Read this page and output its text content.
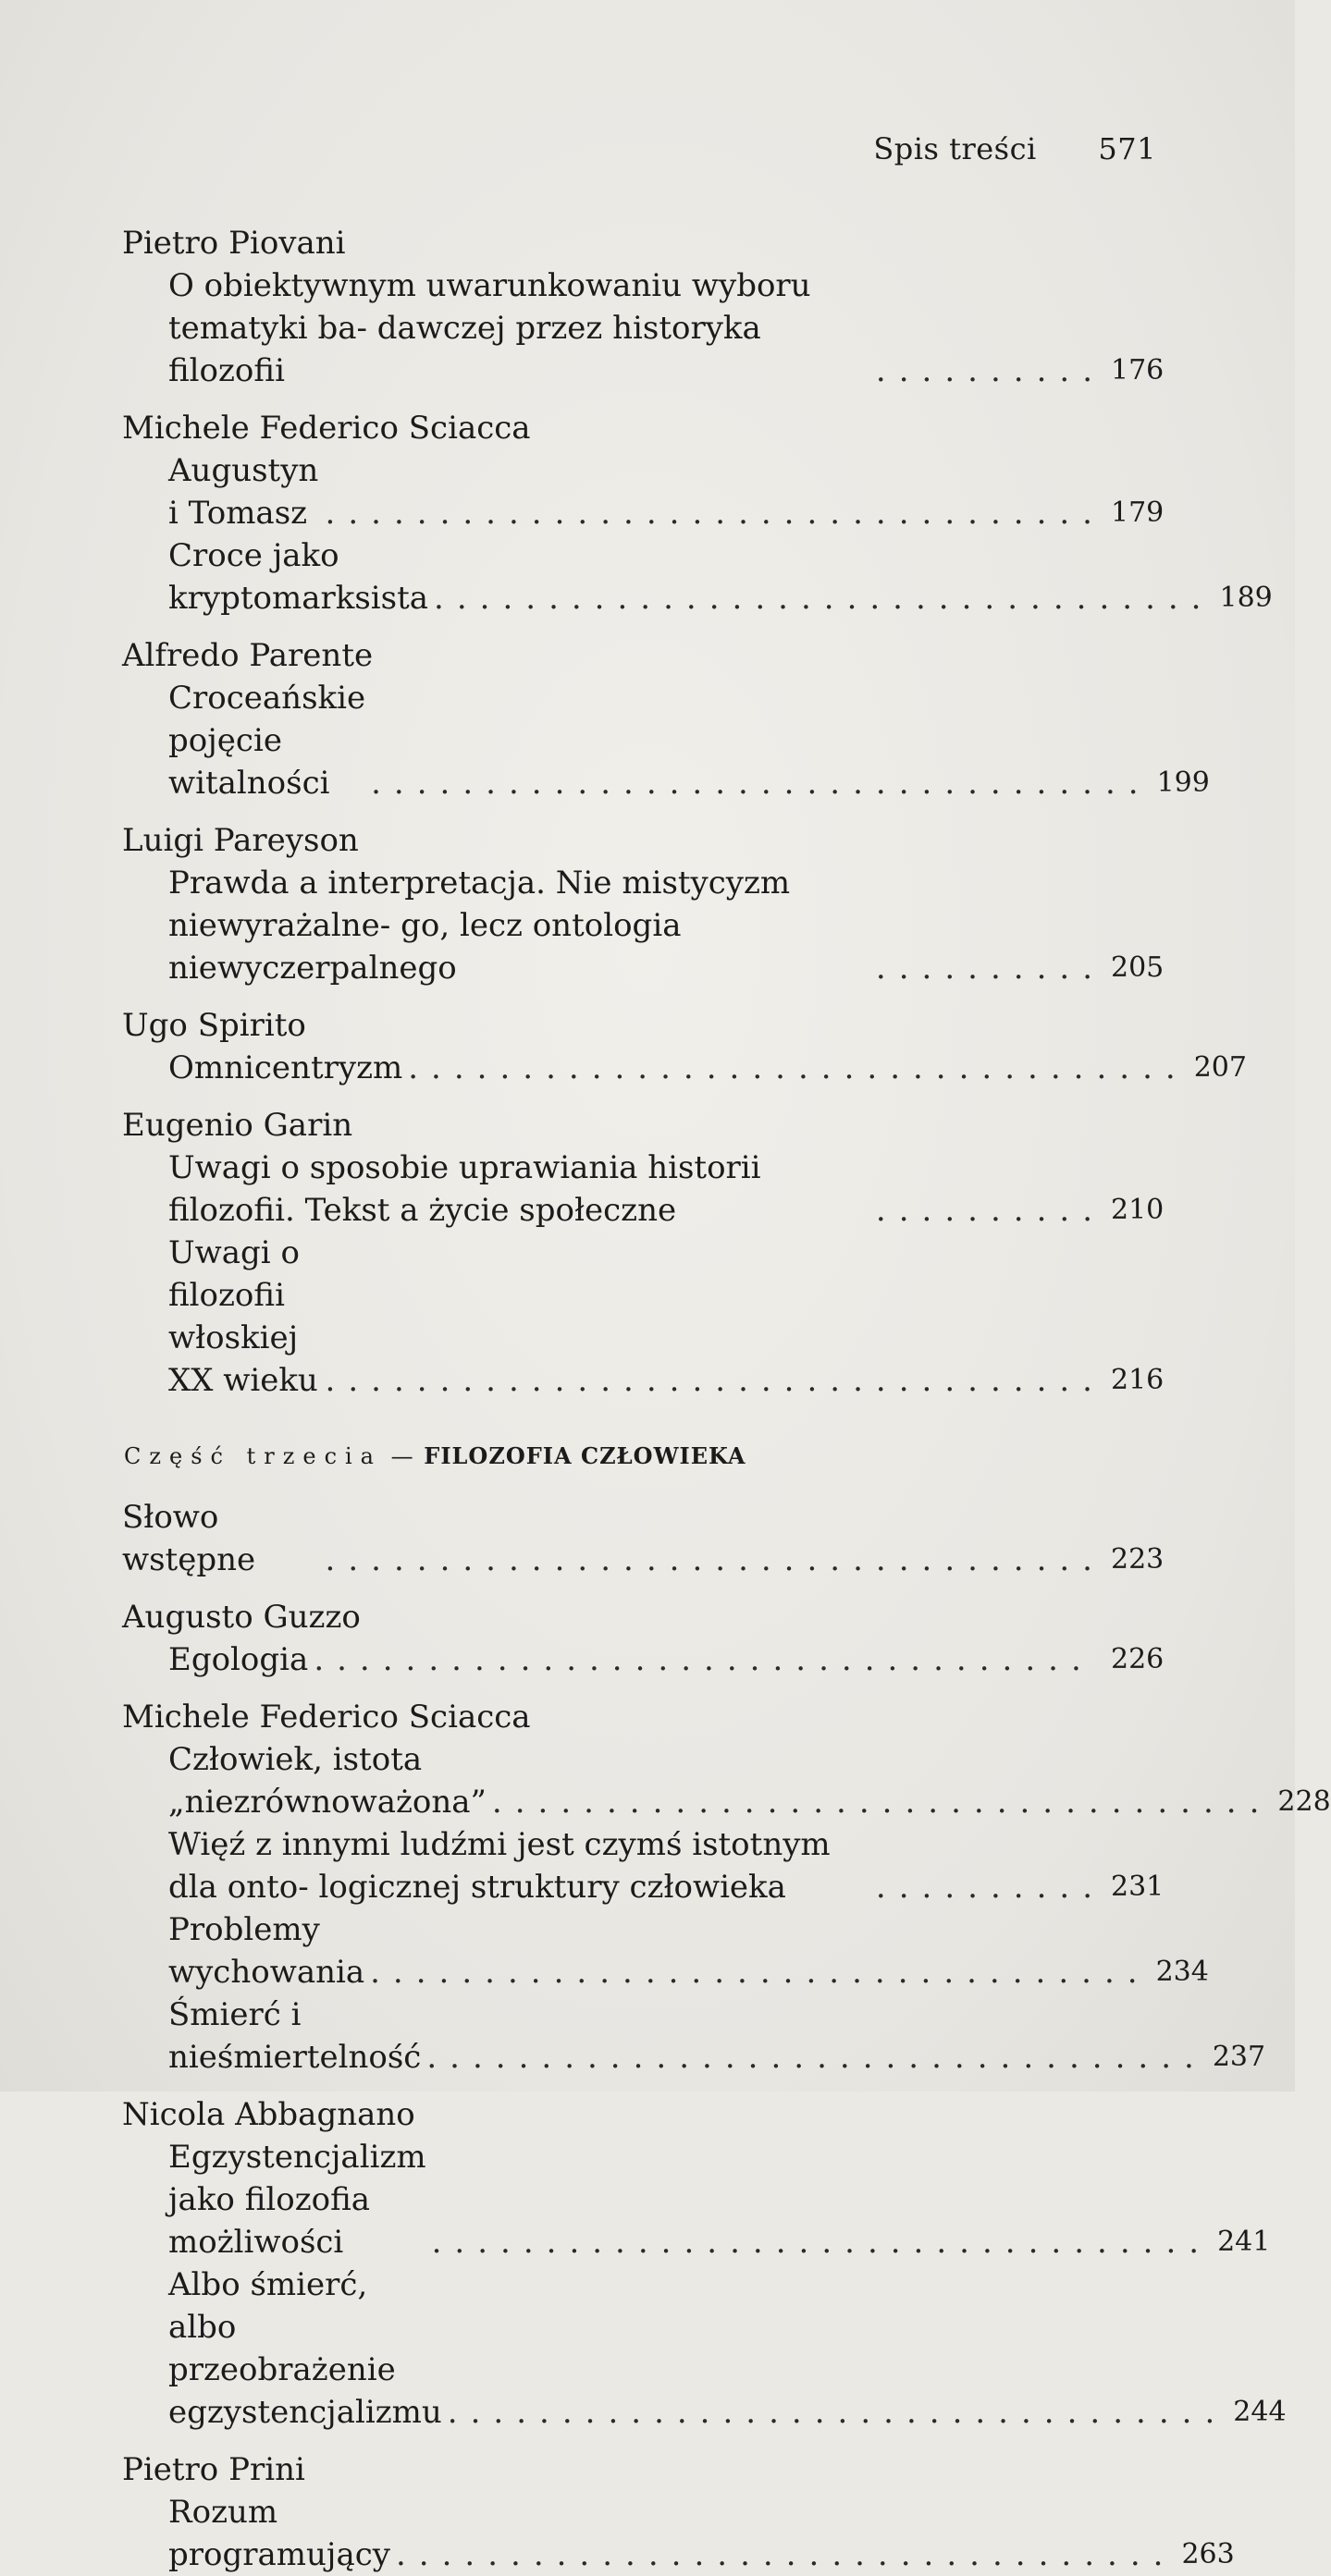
Spis treści 571
Pietro Piovani
O obiektywnym uwarunkowaniu wyboru tematyki ba- dawczej przez historyka filozofii	.......... 176
Michele Federico Sciacca
Augustyn i Tomasz .................................. 179
Croce jako kryptomarksista .................................. 189
Alfredo Parente
Croceańskie pojęcie witalności	.................................. 199
Luigi Pareyson
Prawda a interpretacja. Nie mistycyzm niewyrażalne- go, lecz ontologia niewyczerpalnego	.......... 205
Ugo Spirito
Omnicentryzm .................................. 207
Eugenio Garin
Uwagi o sposobie uprawiania historii filozofii. Tekst a życie społeczne	.......... 210
Uwagi o filozofii włoskiej XX wieku .................................. 216
Część trzecia — FILOZOFIA CZŁOWIEKA
Słowo wstępne	.................................. 223
Augusto Guzzo
Egologia .................................. 226
Michele Federico Sciacca
Człowiek, istota „niezrównoważona” .................................. 228
Więź z innymi ludźmi jest czymś istotnym dla onto- logicznej struktury człowieka	.......... 231
Problemy wychowania .................................. 234
Śmierć i nieśmiertelność .................................. 237
Nicola Abbagnano
Egzystencjalizm jako filozofia możliwości	.................................. 241
Albo śmierć, albo przeobrażenie egzystencjalizmu .................................. 244
Pietro Prini
Rozum programujący .................................. 263
